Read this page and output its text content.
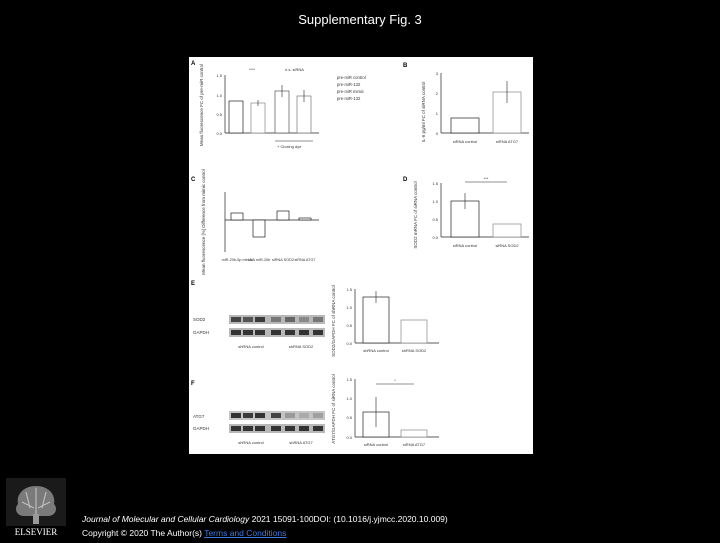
Supplementary Fig. 3
A Mean fluorescence FC of pre-miR control	1.5
1.0
0.5
0.0
****	n.s. siRNA
+ Cloxing dye
pre-miR control
pre-miR-132
pre-miR mimic
pre-miR-132
B
IL-6 pg/ml FC of siRNA control
3
2
1
0
siRNA control	siRNA ATG7
C Mean fluorescence [%] Difference from mimic control	miR-20b-5p mimic
LNA miR-20b siRNA SOD2 siRNA ATG7
D
SOD2 mRNA FC of siRNA control	1.5
1.0
0.5
0.0
***
siRNA control	siRNA SOD2
E
SOD2
GAPDH
shRNA control	shRNA SOD2	SOD2/GAPDH FC of shRNA control	1.5
1.0
0.5
0.0
shRNA control	shRNA SOD2
F
ATG7
GAPDH
shRNA control	shRNA ATG7	ATG7/GAPDH FC of siRNA control	1.5
1.0
0.5
0.0
*
siRNA control	siRNA ATG7
ELSEVIER
Journal of Molecular and Cellular Cardiology 2021 15091-100DOI: (10.1016/j.yjmcc.2020.10.009)
Copyright © 2020 The Author(s) Terms and Conditions
